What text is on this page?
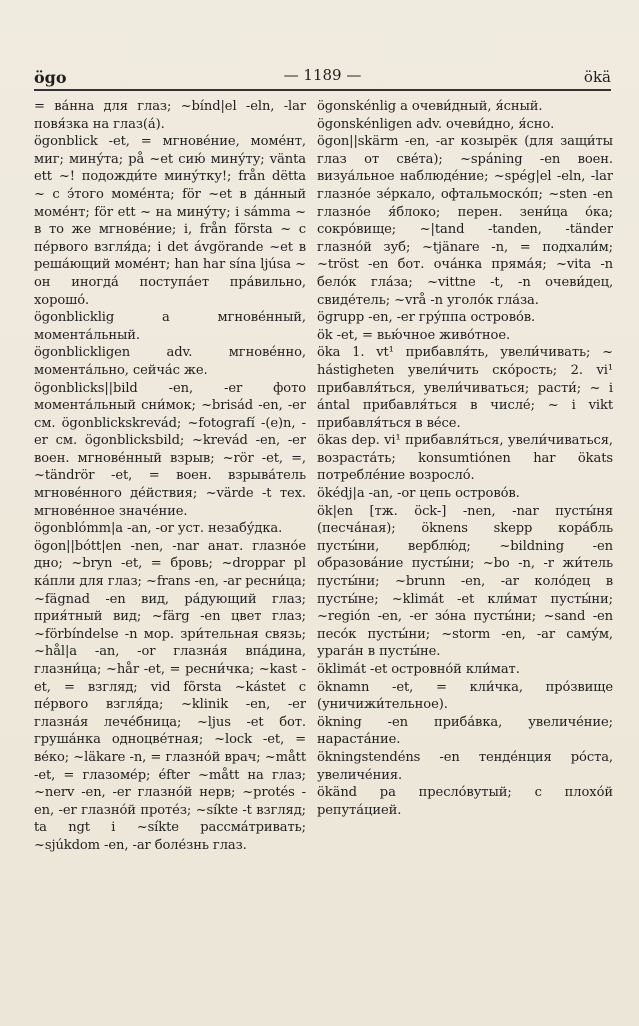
ögo	— 1189 —	ökä

= ва́нна для глаз; ~bínd|el -eln, -lar повя́зка на глаз(а́).

ögonblick -et, = мгнове́ние, моме́нт, миг; мину́та; på ~et сию́ мину́ту; vänta ett ~! подожди́те мину́тку!; från dëtta ~ с э́того моме́нта; för ~et в да́нный моме́нт; för ett ~ на мину́ту; i sámma ~ в то же мгнове́ние; i, från fõrsta ~ с пе́рвого взгля́да; i det ávgörande ~et в реша́ющий моме́нт; han har sína ljúsa ~ он иногда́ поступа́ет пра́вильно, хорошо́.

ögonblicklig a мгнове́нный, момента́льный.

ögonblickligen adv. мгнове́нно, момента́льно, сейча́с же.

ögonblicks||bild -en, -er фото момента́льный сни́мок; ~brisád -en, -er см. ögonblickskrevád; ~fotografí -(e)n, -er см. ögonblicksbild; ~krevád -en, -er воен. мгнове́нный взрыв; ~rör -et, =, ~tändrör -et, = воен. взрыва́тель мгнове́нного де́йствия; ~värde -t тех. мгнове́нное значе́ние.

ögonblómm|a -an, -or уст. незабу́дка.

ögon||bótt|en -nen, -nar анат. глазно́е дно; ~bryn -et, = бровь; ~droppar pl ка́пли для глаз; ~frans -en, -ar ресни́ца; ~fägnad -en вид, ра́дующий глаз; прия́тный вид; ~färg -en цвет глаз; ~förbíndelse -n мор. зри́тельная связь; ~hål|a -an, -or глазна́я впа́дина, глазни́ца; ~hår -et, = ресни́чка; ~kast -et, = взгляд; vid fõrsta ~kástet с пе́рвого взгля́да; ~klinik -en, -er глазна́я лече́бница; ~ljus -et бот. груша́нка одноцве́тная; ~lock -et, = ве́ко; ~läkare -n, = глазно́й врач; ~mått -et, = глазоме́р; éfter ~mått на глаз; ~nerv -en, -er глазно́й нерв; ~protés -en, -er глазно́й проте́з; ~síkte -t взгляд; ta ngt i ~síkte рассма́тривать; ~sjúkdom -en, -ar боле́знь глаз.

ögonskénlig a очеви́дный, я́сный.

ögonskénligen adv. очеви́дно, я́сно.

ögon||skärm -en, -ar козырёк (для защи́ты глаз от све́та); ~spáning -en воен. визуа́льное наблюде́ние; ~spég|el -eln, -lar глазно́е зе́ркало, офтальмоско́п; ~sten -en глазно́е я́блоко; перен. зени́ца о́ка; сокро́вище; ~|tand -tanden, -tänder глазно́й зуб; ~tjänare -n, = подхали́м; ~tröst -en бот. оча́нка пряма́я; ~vita -n бело́к гла́за; ~vittne -t, -n очеви́дец, свиде́тель; ~vrå -n уголо́к гла́за.

ögrupp -en, -er гру́ппа острово́в.

ök -et, = вью́чное живо́тное.

öka 1. vt¹ прибавля́ть, увели́чивать; ~ hástigheten увели́чить ско́рость; 2. vi¹ прибавля́ться, увели́чиваться; расти́; ~ i ántal прибавля́ться в числе́; ~ i vikt прибавля́ться в ве́се.

ökas dep. vi¹ прибавля́ться, увели́чиваться, возраста́ть; konsumtiónen har ökats потребле́ние возросло́.

ökédj|a -an, -or цепь острово́в.

ök|en [тж. öck-] -nen, -nar пусты́ня (песча́ная); öknens skepp кора́бль пусты́ни, верблю́д; ~bildning -en образова́ние пусты́ни; ~bo -n, -r жи́тель пусты́ни; ~brunn -en, -ar коло́дец в пусты́не; ~klimát -et кли́мат пусты́ни; ~región -en, -er зо́на пусты́ни; ~sand -en песо́к пусты́ни; ~storm -en, -ar саму́м, урага́н в пусты́не.

öklimát -et островно́й кли́мат.

öknamn -et, = кли́чка, про́звище (уничижи́тельное).

ökning -en приба́вка, увеличе́ние; нараста́ние.

ökningstendéns -en тенде́нция ро́ста, увеличе́ния.

ökänd pa пресло́вутый; с плохо́й репута́цией.
